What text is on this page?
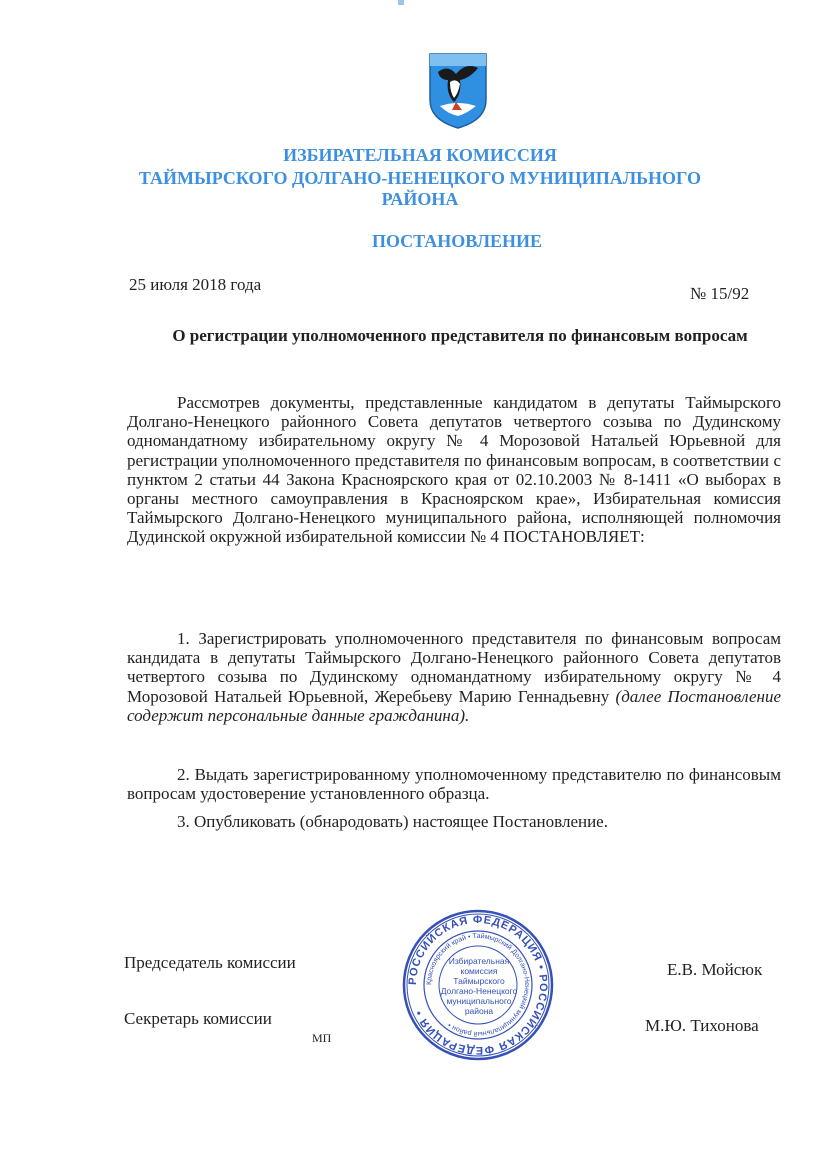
ИЗБИРАТЕЛЬНАЯ КОМИССИЯ
ТАЙМЫРСКОГО ДОЛГАНО-НЕНЕЦКОГО МУНИЦИПАЛЬНОГО
РАЙОНА
ПОСТАНОВЛЕНИЕ
25 июля 2018 года	№ 15/92
О регистрации уполномоченного представителя по финансовым вопросам
Рассмотрев документы, представленные кандидатом в депутаты Таймырского Долгано-Ненецкого районного Совета депутатов четвертого созыва по Дудинскому одномандатному избирательному округу № 4 Морозовой Натальей Юрьевной для регистрации уполномоченного представителя по финансовым вопросам, в соответствии с пунктом 2 статьи 44 Закона Красноярского края от 02.10.2003 № 8-1411 «О выборах в органы местного самоуправления в Красноярском крае», Избирательная комиссия Таймырского Долгано-Ненецкого муниципального района, исполняющей полномочия Дудинской окружной избирательной комиссии № 4 ПОСТАНОВЛЯЕТ:
1. Зарегистрировать уполномоченного представителя по финансовым вопросам кандидата в депутаты Таймырского Долгано-Ненецкого районного Совета депутатов четвертого созыва по Дудинскому одномандатному избирательному округу № 4 Морозовой Натальей Юрьевной, Жеребьеву Марию Геннадьевну (далее Постановление содержит персональные данные гражданина).
2. Выдать зарегистрированному уполномоченному представителю по финансовым вопросам удостоверение установленного образца.
3. Опубликовать (обнародовать) настоящее Постановление.
Председатель комиссии	Е.В. Мойсюк
Секретарь комиссии	М.Ю. Тихонова
МП
РОССИЙСКАЯ ФЕДЕРАЦИЯ • РОССИЙСКАЯ ФЕДЕРАЦИЯ •
Красноярский край • Таймырский Долгано-Ненецкий муниципальный район •
Избирательная комиссия Таймырского Долгано-Ненецкого муниципального района
